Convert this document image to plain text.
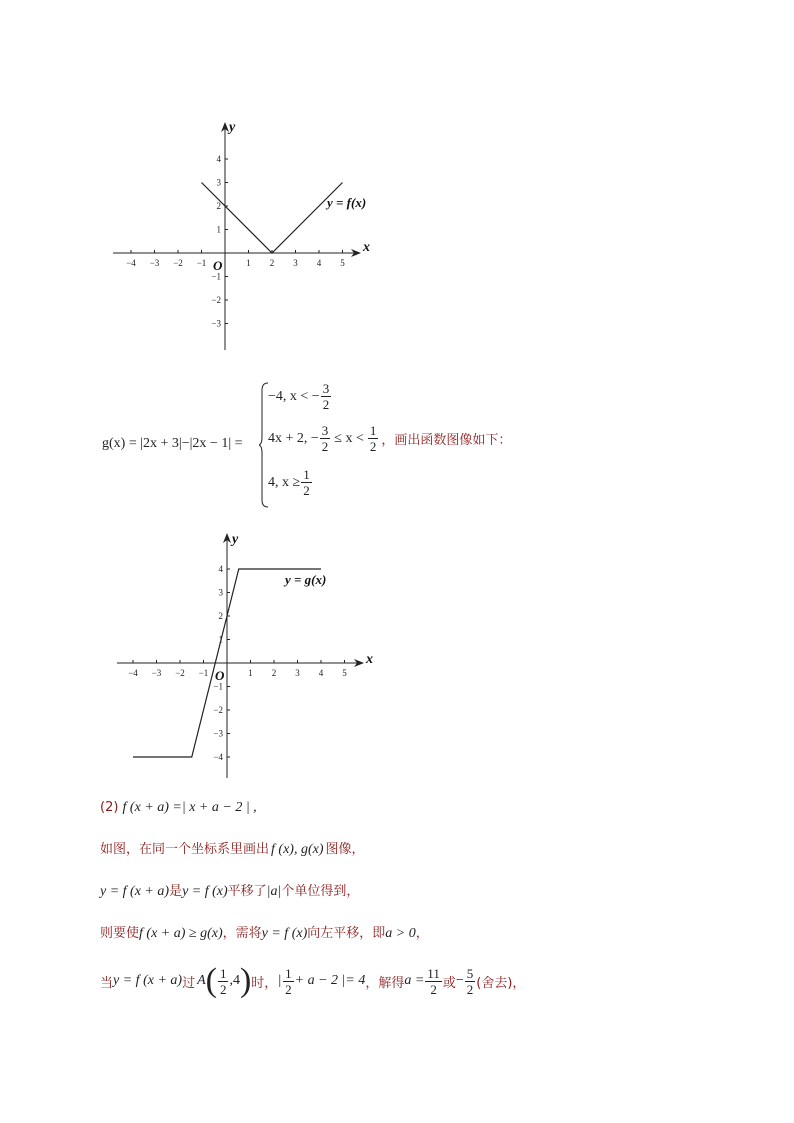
−4 −3 −2 −1	1 2 3 4 5
4
3
2
1
−1
−2
−3
y
x
O
y = f(x)
g(x) = |2x + 3|−|2x − 1| =
−4, x < − $\frac{3}{2}$
4x + 2, − $\frac{3}{2} \le x < \frac{1}{2}$ ，画出函数图像如下：
4, $x \ge \frac{1}{2}$
−4 −3 −2 −1	1 2 3 4 5
4
3
2
1
−1
−2
−3
−4
y
x
O
y = g(x)
(2) f (x + a) =| x + a − 2 | ,
如图，在同一个坐标系里画出 f (x), g(x) 图像，
y = f (x + a)是y = f (x)平移了|a|个单位得到，
则要使f (x + a) ≥ g(x)，需将y = f (x)向左平移，即a > 0，
当 y = f (x + a) 过 A ( $\frac{1}{2} ,4$ ) 时， | $\frac{1}{2} + a - 2$ |= 4 ，解得 $a = \frac{11}{2}$ 或 − $\frac{5}{2}$ (舍去)，
